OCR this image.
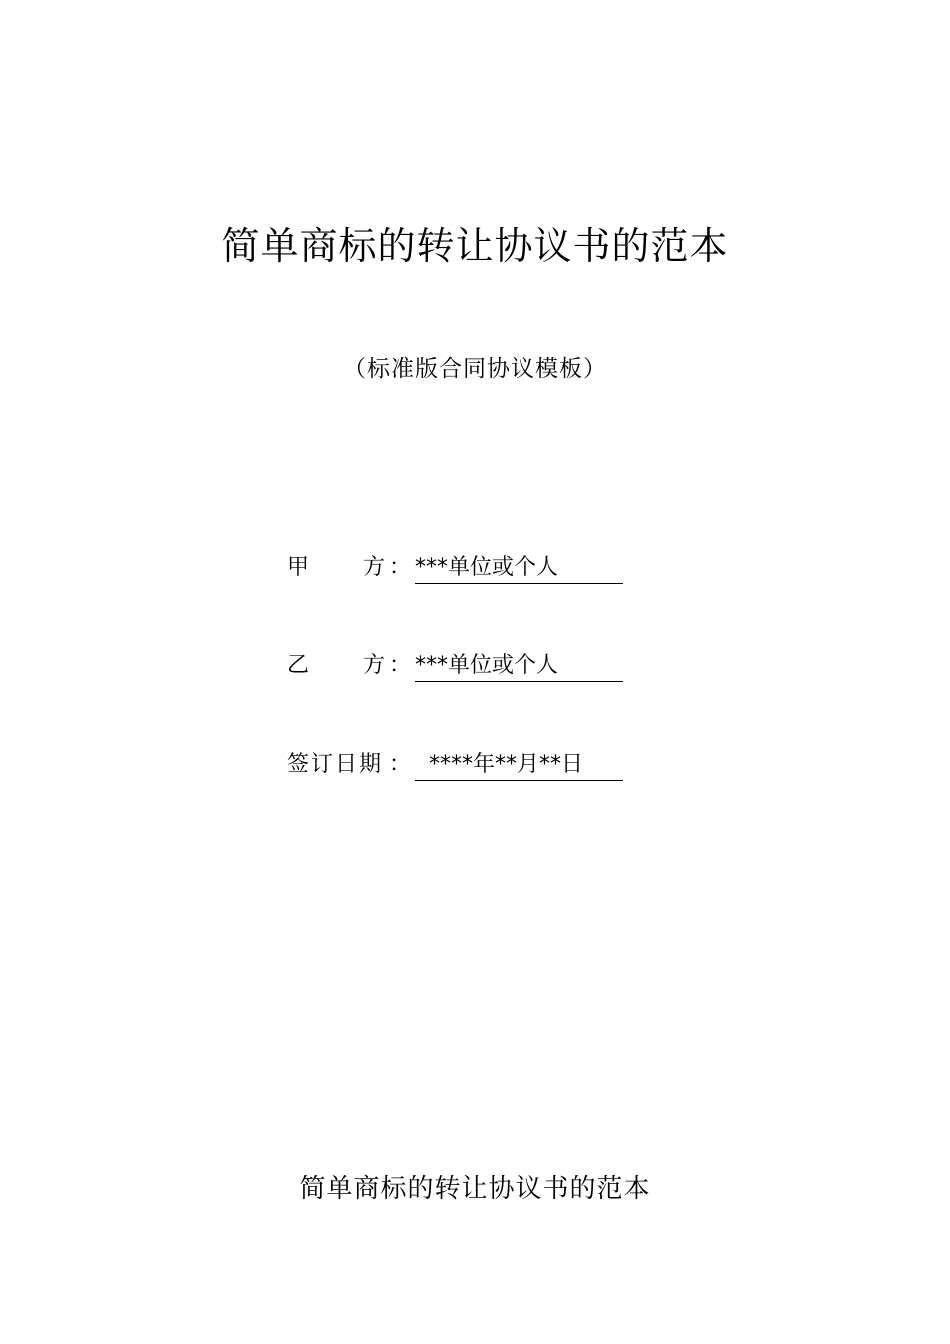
简单商标的转让协议书的范本
（标准版合同协议模板）
甲 方 ： ***单位或个人
乙 方 ： ***单位或个人
签订日期 ： ****年**月**日
简单商标的转让协议书的范本
